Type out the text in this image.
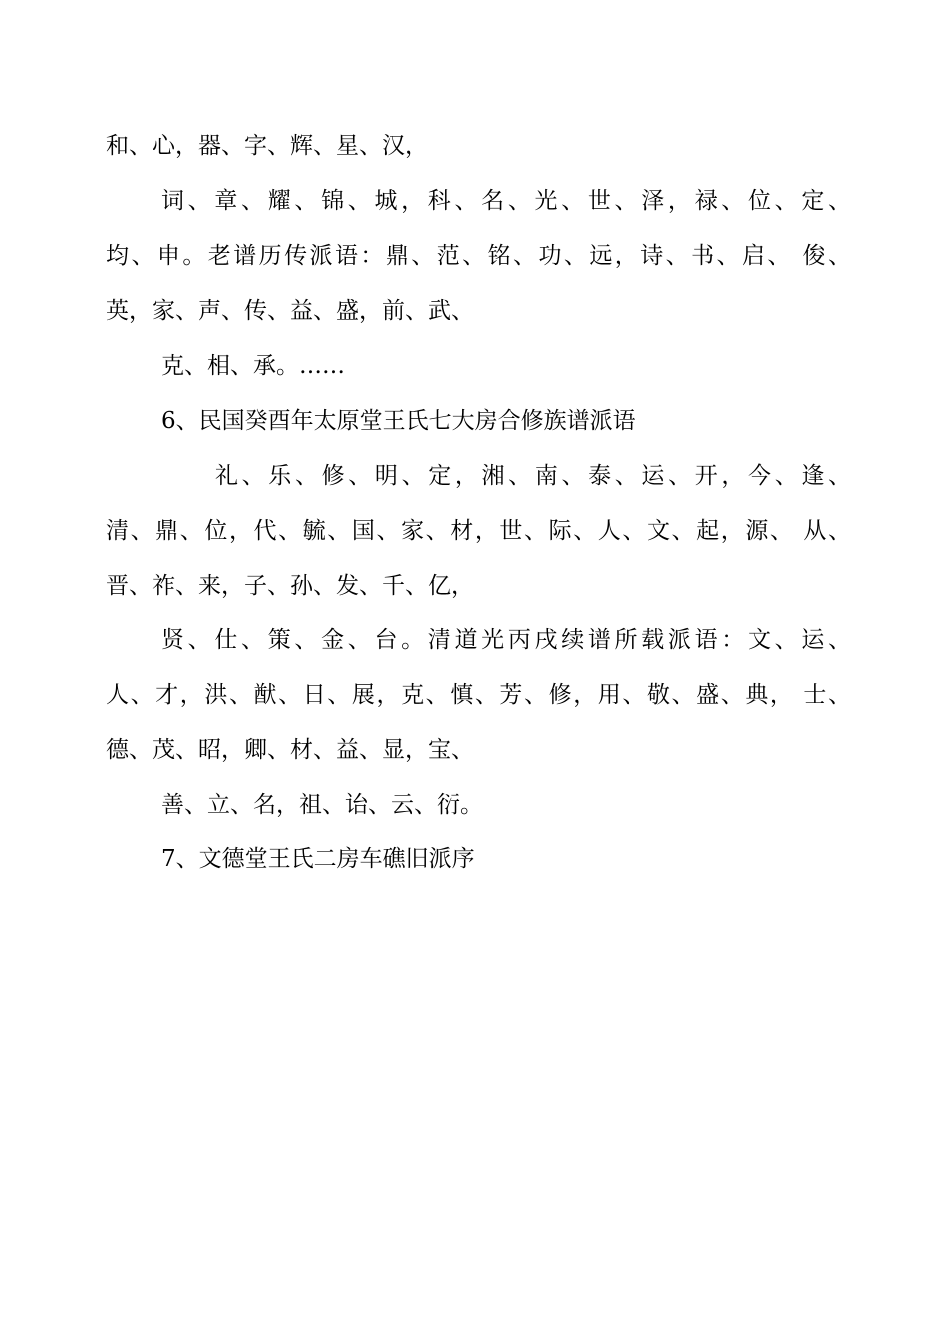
和、心，器、字、辉、星、汉，
词、章、耀、锦、城，科、名、光、世、泽，禄、位、定、
均、申。老谱历传派语：鼎、范、铭、功、远，诗、书、启、 俊、
英，家、声、传、益、盛，前、武、
克、相、承。……
6、民国癸酉年太原堂王氏七大房合修族谱派语
礼、乐、修、明、定，湘、南、泰、运、开，今、逢、
清、鼎、位，代、毓、国、家、材，世、际、人、文、起，源、 从、
晋、祚、来，子、孙、发、千、亿，
贤、仕、策、金、台。清道光丙戌续谱所载派语：文、运、
人、才，洪、猷、日、展，克、慎、芳、修，用、敬、盛、典， 士、
德、茂、昭，卿、材、益、显，宝、
善、立、名，祖、诒、云、衍。
7、文德堂王氏二房车礁旧派序
